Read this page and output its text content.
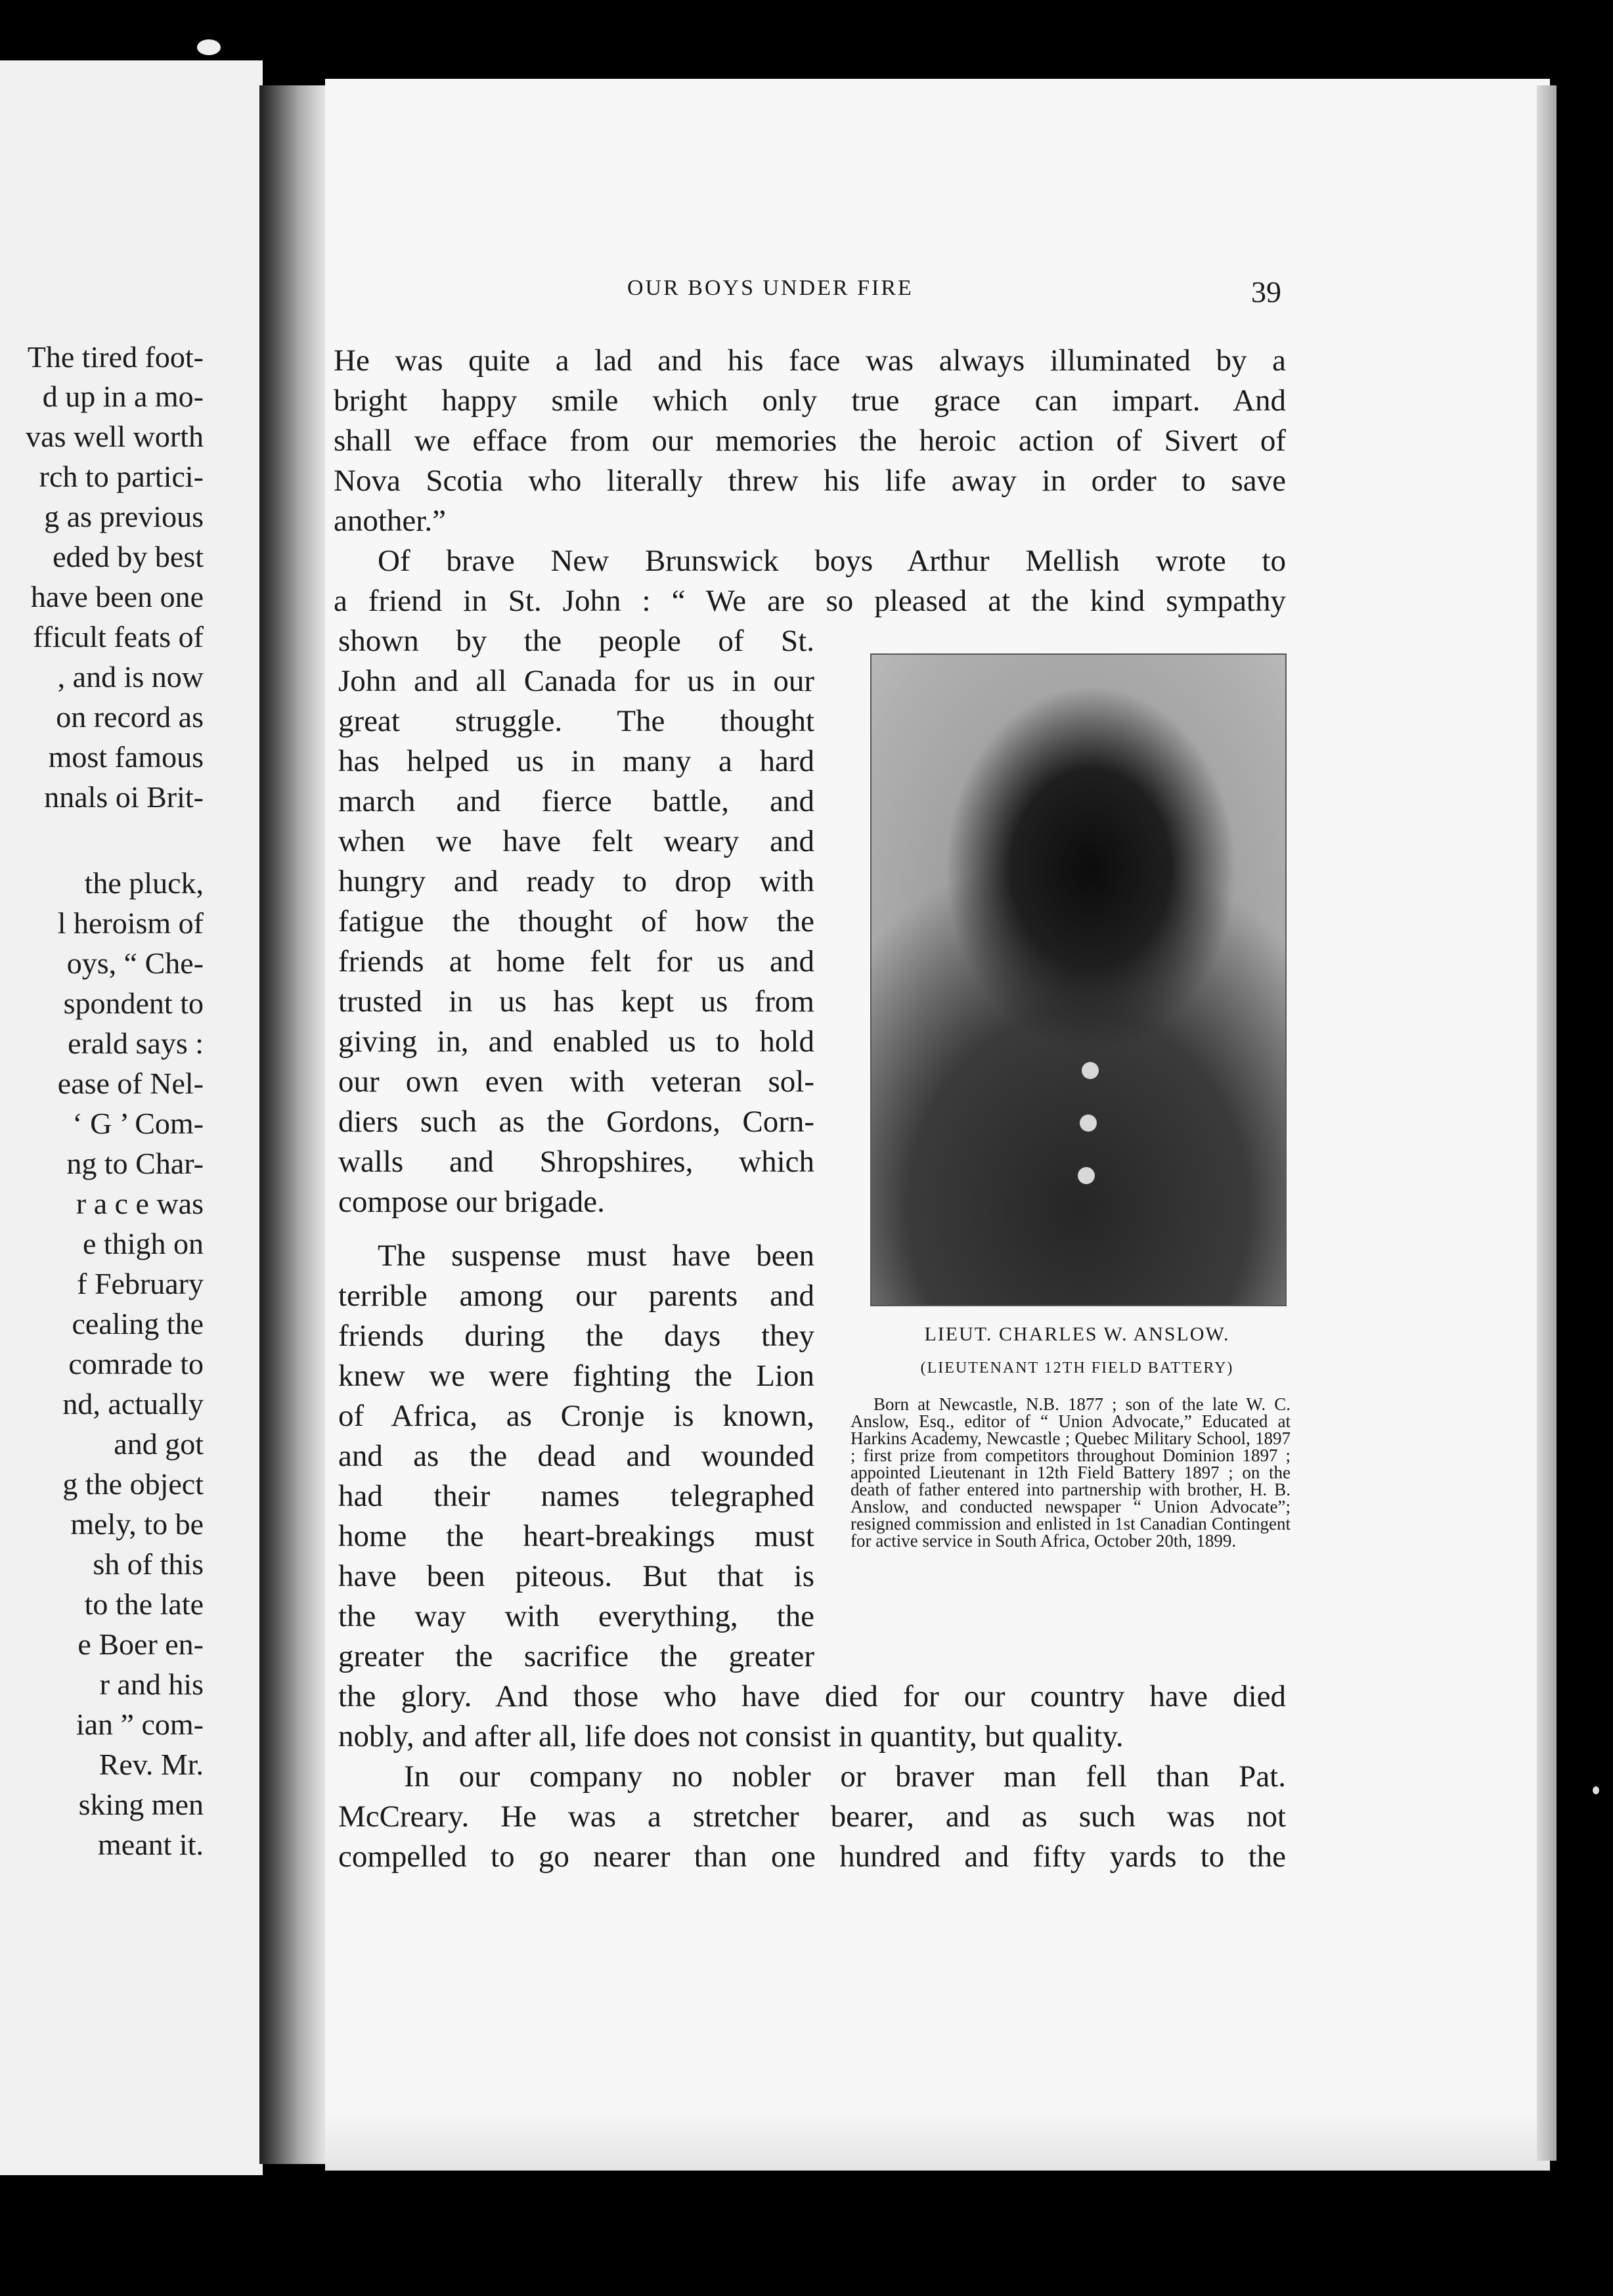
The tired foot-
d up in a mo-
vas well worth
rch to partici-
g as previous
eded by best
have been one
fficult feats of
, and is now
on record as
most famous
nnals oi Brit-
the pluck,
l heroism of
oys, “ Che-
spondent to
erald says :
ease of Nel-
‘ G ’ Com-
ng to Char-
r a c e was
e thigh on
f February
cealing the
comrade to
nd, actually
and got
g the object
mely, to be
sh of this
to the late
e Boer en-
r and his
ian ” com-
Rev. Mr.
sking men
meant it.
OUR BOYS UNDER FIRE	39
He was quite a lad and his face was always illuminated by a
bright happy smile which only true grace can impart. And
shall we efface from our memories the heroic action of Sivert of
Nova Scotia who literally threw his life away in order to save
another.”
Of brave New Brunswick boys Arthur Mellish wrote to
a friend in St. John : “ We are so pleased at the kind sympathy
shown by the people of St.
John and all Canada for us in our
great struggle. The thought
has helped us in many a hard
march and fierce battle, and
when we have felt weary and
hungry and ready to drop with
fatigue the thought of how the
friends at home felt for us and
trusted in us has kept us from
giving in, and enabled us to hold
our own even with veteran sol-
diers such as the Gordons, Corn-
walls and Shropshires, which
compose our brigade.
The suspense must have been
terrible among our parents and
friends during the days they
knew we were fighting the Lion
of Africa, as Cronje is known,
and as the dead and wounded
had their names telegraphed
home the heart-breakings must
have been piteous. But that is
the way with everything, the
greater the sacrifice the greater
the glory. And those who have died for our country have died
nobly, and after all, life does not consist in quantity, but quality.
In our company no nobler or braver man fell than Pat.
McCreary. He was a stretcher bearer, and as such was not
compelled to go nearer than one hundred and fifty yards to the
LIEUT. CHARLES W. ANSLOW.
(LIEUTENANT 12TH FIELD BATTERY)
Born at Newcastle, N.B. 1877 ; son of the late W. C. Anslow, Esq., editor of “ Union Advocate,” Educated at Harkins Academy, Newcastle ; Quebec Military School, 1897 ; first prize from competitors throughout Dominion 1897 ; appointed Lieutenant in 12th Field Battery 1897 ; on the death of father entered into partnership with brother, H. B. Anslow, and conducted newspaper “ Union Advocate”; resigned commission and enlisted in 1st Canadian Contingent for active service in South Africa, October 20th, 1899.
